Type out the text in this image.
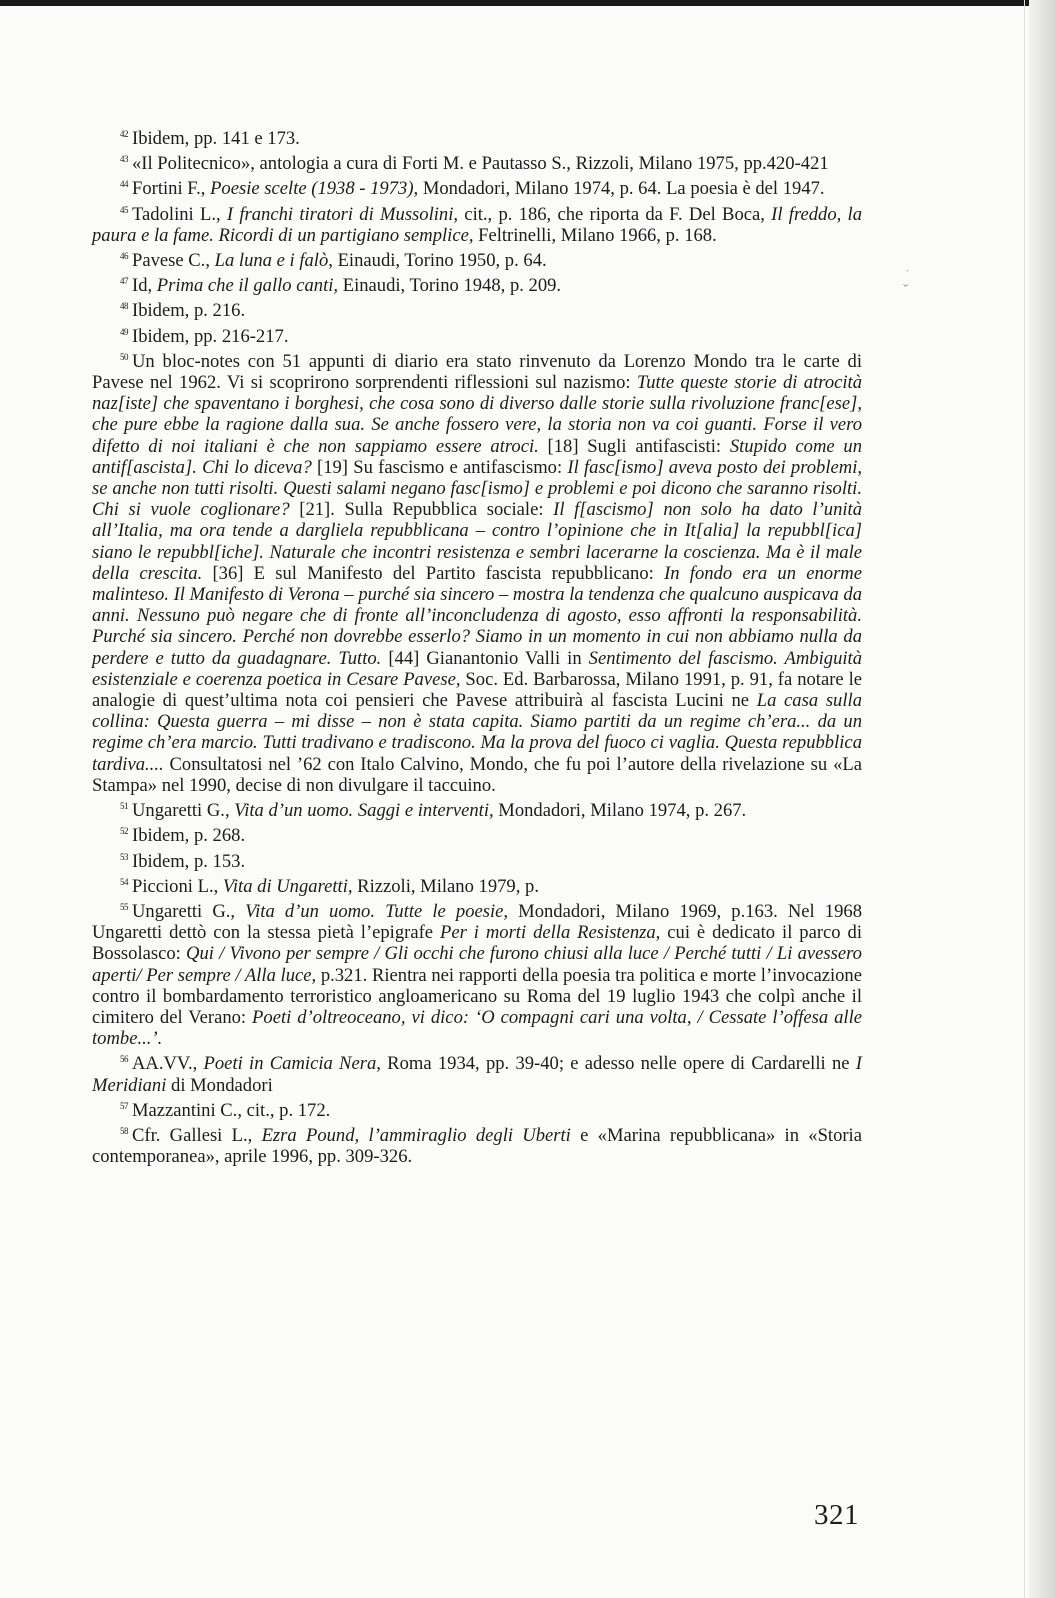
˙
ˇ

$^{42}$ Ibidem, pp. 141 e 173.

$^{43}$ «Il Politecnico», antologia a cura di Forti M. e Pautasso S., Rizzoli, Milano 1975, pp.420-421

$^{44}$ Fortini F., Poesie scelte (1938 - 1973), Mondadori, Milano 1974, p. 64. La poesia è del 1947.

$^{45}$ Tadolini L., I franchi tiratori di Mussolini, cit., p. 186, che riporta da F. Del Boca, Il freddo, la paura e la fame. Ricordi di un partigiano semplice, Feltrinelli, Milano 1966, p. 168.

$^{46}$ Pavese C., La luna e i falò, Einaudi, Torino 1950, p. 64.

$^{47}$ Id, Prima che il gallo canti, Einaudi, Torino 1948, p. 209.

$^{48}$ Ibidem, p. 216.

$^{49}$ Ibidem, pp. 216-217.

$^{50}$ Un bloc-notes con 51 appunti di diario era stato rinvenuto da Lorenzo Mondo tra le carte di Pavese nel 1962. Vi si scoprirono sorprendenti riflessioni sul nazismo: Tutte queste storie di atrocità naz[iste] che spaventano i borghesi, che cosa sono di diverso dalle storie sulla rivoluzione franc[ese], che pure ebbe la ragione dalla sua. Se anche fossero vere, la storia non va coi guanti. Forse il vero difetto di noi italiani è che non sappiamo essere atroci. [18] Sugli antifascisti: Stupido come un antif[ascista]. Chi lo diceva? [19] Su fascismo e antifascismo: Il fasc[ismo] aveva posto dei problemi, se anche non tutti risolti. Questi salami negano fasc[ismo] e problemi e poi dicono che saranno risolti. Chi si vuole coglionare? [21]. Sulla Repubblica sociale: Il f[ascismo] non solo ha dato l’unità all’Italia, ma ora tende a dargliela repubblicana – contro l’opinione che in It[alia] la repubbl[ica] siano le repubbl[iche]. Naturale che incontri resistenza e sembri lacerarne la coscienza. Ma è il male della crescita. [36] E sul Manifesto del Partito fascista repubblicano: In fondo era un enorme malinteso. Il Manifesto di Verona – purché sia sincero – mostra la tendenza che qualcuno auspicava da anni. Nessuno può negare che di fronte all’inconcludenza di agosto, esso affronti la responsabilità. Purché sia sincero. Perché non dovrebbe esserlo? Siamo in un momento in cui non abbiamo nulla da perdere e tutto da guadagnare. Tutto. [44] Gianantonio Valli in Sentimento del fascismo. Ambiguità esistenziale e coerenza poetica in Cesare Pavese, Soc. Ed. Barbarossa, Milano 1991, p. 91, fa notare le analogie di quest’ultima nota coi pensieri che Pavese attribuirà al fascista Lucini ne La casa sulla collina: Questa guerra – mi disse – non è stata capita. Siamo partiti da un regime ch’era... da un regime ch’era marcio. Tutti tradivano e tradiscono. Ma la prova del fuoco ci vaglia. Questa repubblica tardiva.... Consultatosi nel ’62 con Italo Calvino, Mondo, che fu poi l’autore della rivelazione su «La Stampa» nel 1990, decise di non divulgare il taccuino.

$^{51}$ Ungaretti G., Vita d’un uomo. Saggi e interventi, Mondadori, Milano 1974, p. 267.

$^{52}$ Ibidem, p. 268.

$^{53}$ Ibidem, p. 153.

$^{54}$ Piccioni L., Vita di Ungaretti, Rizzoli, Milano 1979, p.

$^{55}$ Ungaretti G., Vita d’un uomo. Tutte le poesie, Mondadori, Milano 1969, p.163. Nel 1968 Ungaretti dettò con la stessa pietà l’epigrafe Per i morti della Resistenza, cui è dedicato il parco di Bossolasco: Qui / Vivono per sempre / Gli occhi che furono chiusi alla luce / Perché tutti / Li avessero aperti/ Per sempre / Alla luce, p.321. Rientra nei rapporti della poesia tra politica e morte l’invocazione contro il bombardamento terroristico angloamericano su Roma del 19 luglio 1943 che colpì anche il cimitero del Verano: Poeti d’oltreoceano, vi dico: ‘O compagni cari una volta, / Cessate l’offesa alle tombe...’.

$^{56}$ AA.VV., Poeti in Camicia Nera, Roma 1934, pp. 39-40; e adesso nelle opere di Cardarelli ne I Meridiani di Mondadori

$^{57}$ Mazzantini C., cit., p. 172.

$^{58}$ Cfr. Gallesi L., Ezra Pound, l’ammiraglio degli Uberti e «Marina repubblicana» in «Storia contemporanea», aprile 1996, pp. 309-326.

321
